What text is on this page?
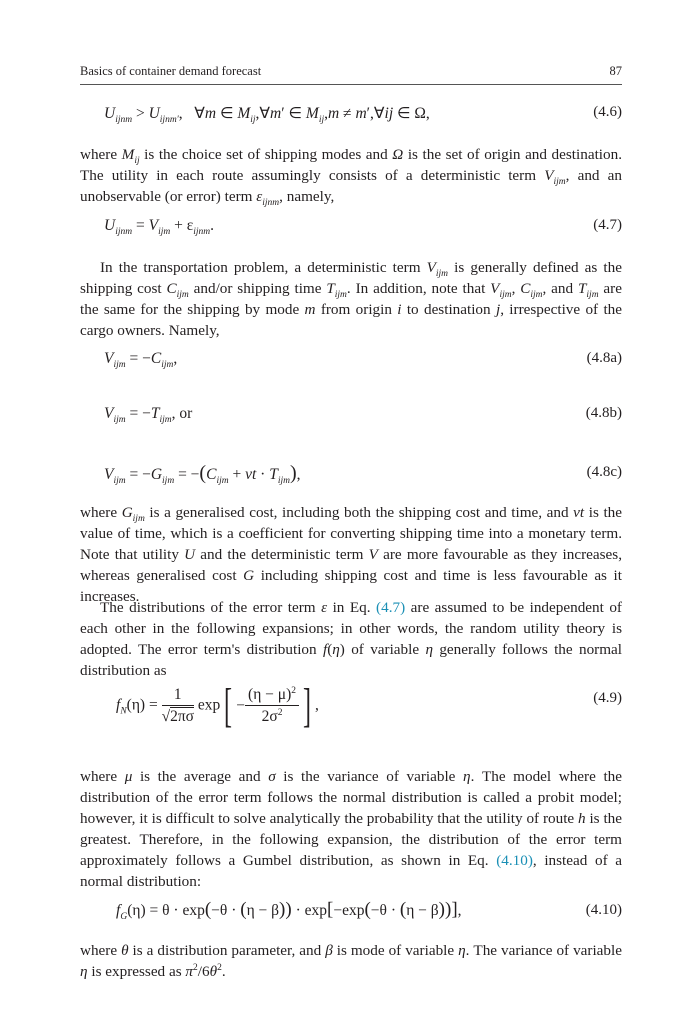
Basics of container demand forecast	87
$U_{ijnm} > U_{ijnm'}$,   ∀m ∈ $M_{ij},\forall m'$ ∈ $M_{ij},m$ ≠ m′,∀ij ∈ Ω,	(4.6)
where $M_{ij}$ is the choice set of shipping modes and Ω is the set of origin and destination. The utility in each route assumingly consists of a deterministic term $V_{ijm}$, and an unobservable (or error) term $\varepsilon_{ijnm}$, namely,
$U_{ijnm} = V_{ijm} + \varepsilon_{ijnm}$.	(4.7)
In the transportation problem, a deterministic term $V_{ijm}$ is generally defined as the shipping cost $C_{ijm}$ and/or shipping time $T_{ijm}$. In addition, note that $V_{ijm}$, $C_{ijm}$, and $T_{ijm}$ are the same for the shipping by mode m from origin i to destination j, irrespective of the cargo owners. Namely,
$V_{ijm} = -C_{ijm}$,	(4.8a)
$V_{ijm} = -T_{ijm}$, or	(4.8b)
$V_{ijm} = -G_{ijm} = -(C_{ijm}$ + vt · $T_{ijm}$),	(4.8c)
where $G_{ijm}$ is a generalised cost, including both the shipping cost and time, and vt is the value of time, which is a coefficient for converting shipping time into a monetary term. Note that utility U and the deterministic term V are more favourable as they increases, whereas generalised cost G including shipping cost and time is less favourable as it increases.
The distributions of the error term ε in Eq. (4.7) are assumed to be independent of each other in the following expansions; in other words, the random utility theory is adopted. The error term's distribution f(η) of variable η generally follows the normal distribution as
$f_N(\eta) = \frac{1}{√2\pi\sigma} \exp[ - \frac{(\eta - \mu)^2}{2\sigma^2}$ ] ,	(4.9)
where μ is the average and σ is the variance of variable η. The model where the distribution of the error term follows the normal distribution is called a probit model; however, it is difficult to solve analytically the probability that the utility of route h is the greatest. Therefore, in the following expansion, the distribution of the error term approximately follows a Gumbel distribution, as shown in Eq. (4.10), instead of a normal distribution:
$f_G(\eta) = \theta \cdot \exp(-\theta \cdot (\eta - \beta)) \cdot \exp[-\exp(-\theta \cdot (\eta - \beta))]$,	(4.10)
where θ is a distribution parameter, and β is mode of variable η. The variance of variable η is expressed as $\pi^2/6\theta^2$.
